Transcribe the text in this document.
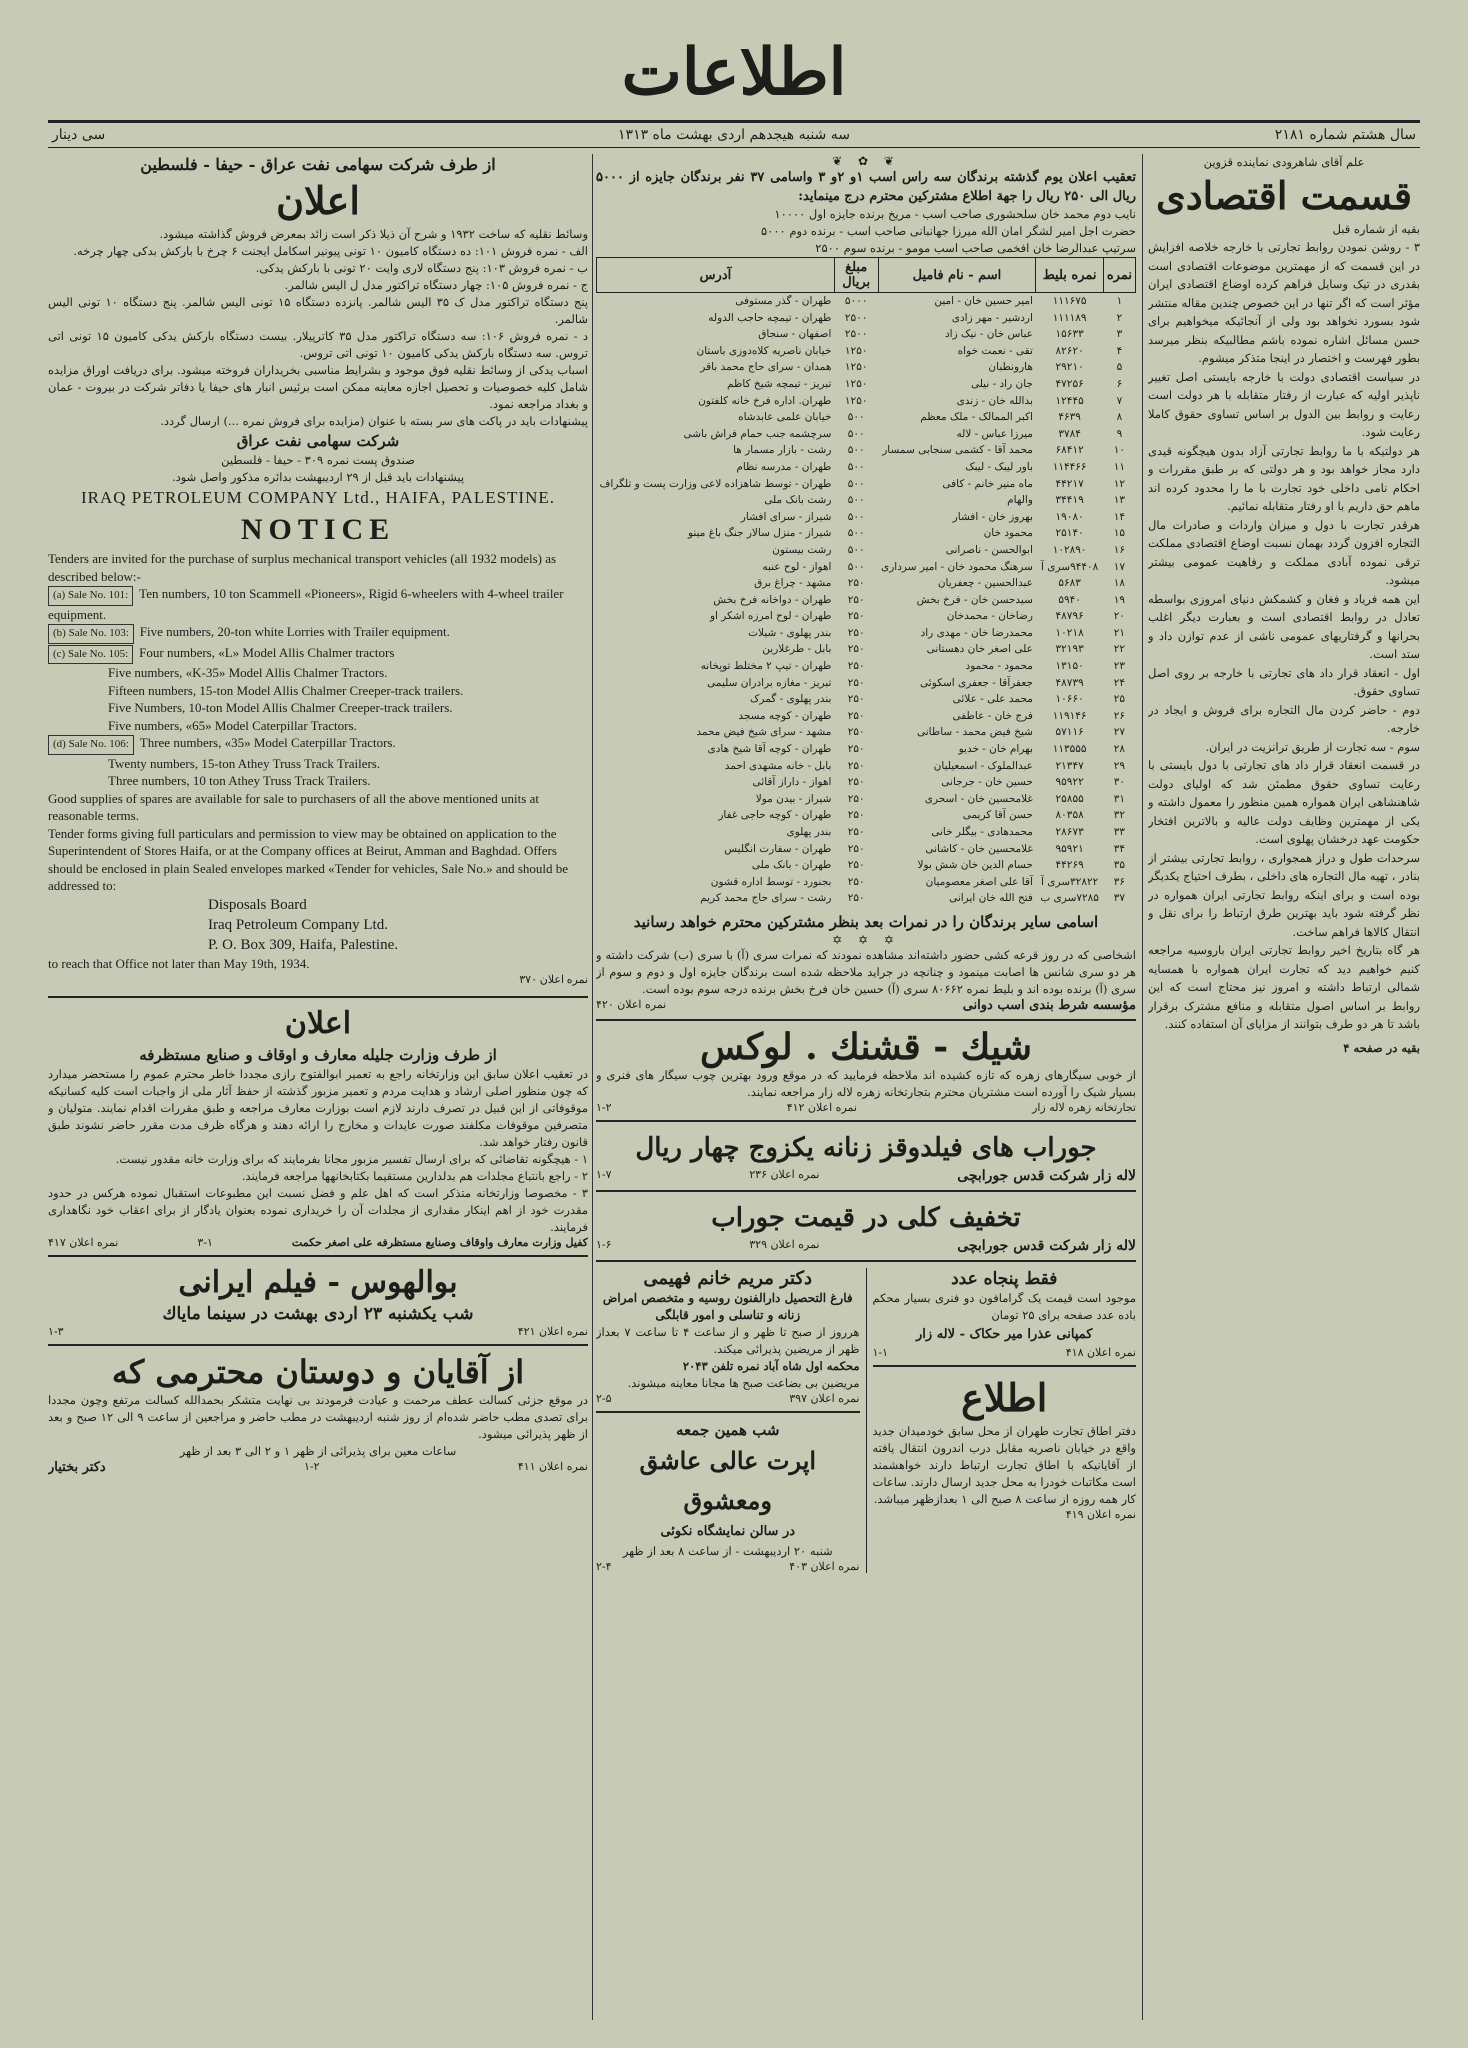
اطلاعات
سال هشتم شماره ۲۱۸۱
سه شنبه هیجدهم اردی بهشت ماه ۱۳۱۳
سی دینار
علم آقای شاهرودی نماینده قزوین
قسمت اقتصادی
بقیه از شماره قبل
۳ - روشن نمودن روابط تجارتی با خارجه خلاصه افزايش در این قسمت که از مهمترین موضوعات اقتصادی است بقدری در تیک وسایل فراهم کرده اوضاع اقتصادی ایران مؤثر است که اگر تنها در این خصوص چندین مقاله منتشر شود بسورد نخواهد بود ولی از آنجائیکه میخواهیم برای حسن مسائل اشاره نموده باشم مطالبیکه بنظر میرسد بطور فهرست و اختصار در اینجا متذکر میشوم.
در سیاست اقتصادی دولت با خارجه بایستی اصل تغییر ناپذیر اولیه که عبارت از رفتار متقابله با هر دولت است رعایت و روابط بین الدول بر اساس تساوی حقوق کاملا رعایت شود.
هر دولتیکه با ما روابط تجارتی آزاد بدون هیچگونه قیدی دارد مجاز خواهد بود و هر دولتی که بر طبق مقررات و احکام نامی داخلی خود تجارت با ما را محدود کرده اند ماهم حق داریم با او رفتار متقابله نمائیم.
هرقدر تجارت با دول و میزان واردات و صادرات مال التجاره افزون گردد بهمان نسبت اوضاع اقتصادی مملکت ترقی نموده آبادی مملکت و رفاهیت عمومی بیشتر میشود.
این همه فریاد و فغان و کشمکش دنیای امروزی بواسطه تعادل در روابط اقتصادی است و بعبارت دیگر اغلب بحرانها و گرفتاریهای عمومی ناشی از عدم توازن داد و ستد است.
اول - انعقاد قرار داد های تجارتی با خارجه بر روی اصل تساوی حقوق.
دوم - حاضر کردن مال التجاره برای فروش و ایجاد در خارجه.
سوم - سه تجارت از طریق ترانزیت در ایران.
در قسمت انعقاد قرار داد های تجارتی با دول بایستی با رعایت تساوی حقوق مطمئن شد که اولیای دولت شاهنشاهی ایران همواره همین منظور را معمول داشته و یکی از مهمترین وظایف دولت عالیه و بالاترین افتخار حکومت عهد درخشان پهلوی است.
سرحدات طول و دراز همجواری ، روابط تجارتی بیشتر از بنادر ، تهیه مال التجاره های داخلی ، بطرف احتیاج یکدیگر بوده است و برای اینکه روابط تجارتی ایران همواره در نظر گرفته شود باید بهترین طرق ارتباط را برای نقل و انتقال کالاها فراهم ساخت.
هر گاه بتاریخ اخیر روابط تجارتی ایران باروسیه مراجعه کنیم خواهیم دید که تجارت ایران همواره با همسایه شمالی ارتباط داشته و امروز نیز محتاج است که این روابط بر اساس اصول متقابله و منافع مشترک برقرار باشد تا هر دو طرف بتوانند از مزایای آن استفاده کنند.
بقیه در صفحه ۴
❦ ✿ ❦
تعقیب اعلان یوم گذشته برندگان سه راس اسب ۱و ۲و ۳ واسامی ۳۷ نفر برندگان جایزه از ۵۰۰۰ ریال الی ۲۵۰ ریال را جهة اطلاع مشترکین محترم درج مینماید:
نایب دوم محمد خان سلحشوری صاحب اسب - مریخ برنده جایزه اول ۱۰۰۰۰
حضرت اجل امیر لشگر امان الله میرزا جهانبانی صاحب اسب - برنده دوم ۵۰۰۰
سرتیپ عبدالرضا خان افخمی صاحب اسب مومو - برنده سوم ۲۵۰۰
نمره	نمره بلیط	اسم - نام فامیل	مبلغ بریال	آدرس
۱	۱۱۱۶۷۵	امیر حسین خان - امین	۵۰۰۰	طهران - گذر مستوفی
۲	۱۱۱۱۸۹	اردشیر - مهر زادی	۲۵۰۰	طهران - تیمچه حاجب الدوله
۳	۱۵۶۳۳	عباس خان - نیک زاد	۲۵۰۰	اصفهان - سنجاق
۴	۸۲۶۲۰	تقی - نعمت خواه	۱۲۵۰	خیابان ناصریه کلاه‌دوزی باستان
۵	۲۹۲۱۰	هارونطبان	۱۲۵۰	همدان - سرای حاج محمد باقر
۶	۴۷۲۵۶	جان راد - نیلی	۱۲۵۰	تبریز - تیمچه شیخ کاظم
۷	۱۲۴۴۵	بدالله خان - زندی	۱۲۵۰	طهران. اداره فرخ خانه کلفتون
۸	۴۶۳۹	اکبر الممالک - ملک معظم	۵۰۰	خیابان علمی عابدشاه
۹	۳۷۸۴	میرزا عباس - لاله	۵۰۰	سرچشمه جنب حمام فراش باشی
۱۰	۶۸۴۱۲	محمد آقا - کشمی سنجابی سمسار	۵۰۰	رشت - بازار مسمار ها
۱۱	۱۱۴۴۶۶	باور لیبک - لیبک	۵۰۰	طهران - مدرسه نظام
۱۲	۴۴۲۱۷	ماه منیر خانم - کافی	۵۰۰	طهران - توسط شاهزاده لاعی وزارت پست و تلگراف
۱۳	۳۴۴۱۹	والهام	۵۰۰	رشت بانک ملی
۱۴	۱۹۰۸۰	بهروز خان - افشار	۵۰۰	شیراز - سرای افشار
۱۵	۲۵۱۴۰	محمود خان	۵۰۰	شیراز - منزل سالار جنگ باغ مینو
۱۶	۱۰۲۸۹۰	ابوالحسن - ناصرانی	۵۰۰	رشت بیستون
۱۷	۹۴۴۰۸سری آ	سرهنگ محمود خان - امیر سرداری	۵۰۰	اهواز - لوح عنبه
۱۸	۵۶۸۳	عبدالحسین - چعفریان	۲۵۰	مشهد - چراغ برق
۱۹	۵۹۴۰	سیدحسن خان - فرخ بخش	۲۵۰	طهران - دواخانه فرخ بخش
۲۰	۴۸۷۹۶	رضاخان - محمدخان	۲۵۰	طهران - لوح امرزه اشکر او
۲۱	۱۰۲۱۸	محمدرضا خان - مهدی راد	۲۵۰	بندر پهلوی - شیلات
۲۲	۳۲۱۹۳	علی اصغر خان دهستانی	۲۵۰	بابل - طرغلارین
۲۳	۱۳۱۵۰	محمود - محمود	۲۵۰	طهران - تیپ ۲ مختلط توپخانه
۲۴	۴۸۷۳۹	جعفرآقا - جعفری اسکوئی	۲۵۰	تبریز - مغازه برادران سلیمی
۲۵	۱۰۶۶۰	محمد علی - علائی	۲۵۰	بندر پهلوی - گمرک
۲۶	۱۱۹۱۴۶	فرج خان - عاطفی	۲۵۰	طهران - کوچه مسجد
۲۷	۵۷۱۱۶	شیخ فیض محمد - ساطانی	۲۵۰	مشهد - سرای شیخ فیض محمد
۲۸	۱۱۳۵۵۵	بهرام خان - خدیو	۲۵۰	طهران - کوچه آقا شیخ هادی
۲۹	۲۱۳۴۷	عبدالملوک - اسمعیلیان	۲۵۰	بابل - خانه مشهدی احمد
۳۰	۹۵۹۲۲	حسین خان - جرجانی	۲۵۰	اهواز - داراز آقائی
۳۱	۲۵۸۵۵	غلامحسین خان - اسحری	۲۵۰	شیراز - بیدن مولا
۳۲	۸۰۳۵۸	حسن آقا کریمی	۲۵۰	طهران - کوچه حاجی غفار
۳۳	۲۸۶۷۳	محمدهادی - بیگلر خانی	۲۵۰	بندر پهلوی
۳۴	۹۵۹۲۱	غلامحسین خان - کاشانی	۲۵۰	طهران - سفارت انگلیس
۳۵	۴۴۲۶۹	حسام الدین خان شش بولا	۲۵۰	طهران - بانک ملی
۳۶	۳۲۸۲۲سری آ	آقا علی اصغر معصومیان	۲۵۰	بجنورد - توسط اداره قشون
۳۷	۷۲۸۵سری ب	فتح الله خان ایرانی	۲۵۰	رشت - سرای حاج محمد کریم
اسامی سایر برندگان را در نمرات بعد بنظر مشترکین محترم خواهد رسانید
✡ ✡ ✡
اشخاصی که در روز قرعه کشی حضور داشته‌اند مشاهده نمودند که نمرات سری (آ) با سری (ب) شرکت داشته و هر دو سری شانس ها اصابت مینمود و چنانچه در جراید ملاحظه شده است برندگان جایزه اول و دوم و سوم از سری (آ) برنده بوده اند و بلیط نمره ۸۰۶۶۲ سری (آ) حسین خان فرخ بخش برنده درجه سوم بوده است.
مؤسسه شرط بندی اسب دوانی
نمره اعلان ۴۲۰
شیك - قشنك . لوكس
از خوبی سیگارهای زهره که تازه کشیده اند ملاحظه فرمایید که در موقع ورود بهترین چوب سیگار های فنری و بسیار شیک را آورده است مشتریان محترم بتجارتخانه زهره لاله زار مراجعه نمایند.
تجارتخانه زهره لاله زار
نمره اعلان ۴۱۲
۱-۲
جوراب های فیلدوقز زنانه یکزوج چهار ریال
لاله زار شرکت قدس جورابچی
نمره اعلان ۲۳۶
۱-۷
تخفیف کلی در قیمت جوراب
لاله زار شرکت قدس جورابچی
نمره اعلان ۳۲۹
۱-۶
فقط پنجاه عدد
موجود است قیمت یک گرامافون دو فنری بسیار محکم باده عدد صفحه برای ۲۵ تومان
کمپانی عذرا میر حکاک - لاله زار
نمره اعلان ۴۱۸
۱-۱
اطلاع
دفتر اطاق تجارت طهران از محل سابق خودمیدان جدید واقع در خیابان ناصریه مقابل درب اندرون انتقال یافته از آقایانیکه با اطاق تجارت ارتباط دارند خواهشمند است مکاتبات خودرا به محل جدید ارسال دارند. ساعات کار همه روزه از ساعت ۸ صبح الی ۱ بعدازظهر میباشد.
نمره اعلان ۴۱۹
دکتر مریم خانم فهیمی
فارغ التحصیل دارالفنون روسیه و متخصص امراض زنانه و تناسلی و امور قابلگی
هرروز از صبح تا ظهر و از ساعت ۴ تا ساعت ۷ بعداز ظهر از مریضین پذیرائی میکند.
محکمه اول شاه آباد نمره تلفن ۲۰۴۳
مریضین بی بضاعت صبح ها مجانا معاینه میشوند.
نمره اعلان ۳۹۷
۲-۵
شب همین جمعه
اپرت عالی عاشق ومعشوق
در سالن نمایشگاه نکوئی
شنبه ۲۰ اردیبهشت - از ساعت ۸ بعد از ظهر
نمره اعلان ۴۰۳
۲-۴
از طرف شرکت سهامی نفت عراق - حیفا - فلسطین
اعلان
وسائط نقلیه که ساخت ۱۹۳۲ و شرح آن ذیلا ذکر است زائد بمعرض فروش گذاشته میشود.
الف - نمره فروش ۱۰۱: ده دستگاه کامیون ۱۰ تونی پیونیر اسکامل ایجنت ۶ چرخ با بارکش بدکی چهار چرخه.
ب - نمره فروش ۱۰۳: پنج دستگاه لاری وایت ۲۰ تونی با بارکش یدکی.
ج - نمره فروش ۱۰۵: چهار دستگاه تراکتور مدل ل الیس شالمر.
پنج دستگاه تراکتور مدل ک ۳۵ الیس شالمر. پانزده دستگاه ۱۵ تونی الیس شالمر. پنج دستگاه ۱۰ تونی الیس شالمر.
د - نمره فروش ۱۰۶: سه دستگاه تراکتور مدل ۳۵ کاترپیلار. بیست دستگاه بارکش یدکی کامیون ۱۵ تونی اتی تروس. سه دستگاه بارکش یدکی کامیون ۱۰ تونی اتی تروس.
اسباب یدکی از وسائط نقلیه فوق موجود و بشرایط مناسبی بخریداران فروخته میشود. برای دریافت اوراق مزایده شامل کلیه خصوصیات و تحصیل اجازه معاینه ممکن است برئیس انبار های حیفا یا دفاتر شرکت در بیروت - عمان و بغداد مراجعه نمود.
پیشنهادات باید در پاکت های سر بسته با عنوان (مزایده برای فروش نمره ...) ارسال گردد.
شرکت سهامی نفت عراق
صندوق پست نمره ۳۰۹ - حیفا - فلسطین
پیشنهادات باید قبل از ۲۹ اردیبهشت بدائره مذکور واصل شود.
IRAQ PETROLEUM COMPANY Ltd., HAIFA, PALESTINE.
NOTICE
Tenders are invited for the purchase of surplus mechanical transport vehicles (all 1932 models) as described below:-
(a) Sale No. 101: Ten numbers, 10 ton Scammell «Pioneers», Rigid 6-wheelers with 4-wheel trailer equipment.
(b) Sale No. 103: Five numbers, 20-ton white Lorries with Trailer equipment.
(c) Sale No. 105: Four numbers, «L» Model Allis Chalmer tractors
Five numbers, «K-35» Model Allis Chalmer Tractors.
Fifteen numbers, 15-ton Model Allis Chalmer Creeper-track trailers.
Five Numbers, 10-ton Model Allis Chalmer Creeper-track trailers.
Five numbers, «65» Model Caterpillar Tractors.
(d) Sale No. 106: Three numbers, «35» Model Caterpillar Tractors.
Twenty numbers, 15-ton Athey Truss Track Trailers.
Three numbers, 10 ton Athey Truss Track Trailers.
Good supplies of spares are available for sale to purchasers of all the above mentioned units at reasonable terms.
Tender forms giving full particulars and permission to view may be obtained on application to the Superintendent of Stores Haifa, or at the Company offices at Beirut, Amman and Baghdad. Offers should be enclosed in plain Sealed envelopes marked «Tender for vehicles, Sale No.» and should be addressed to:
Disposals Board
Iraq Petroleum Company Ltd.
P. O. Box 309, Haifa, Palestine.
to reach that Office not later than May 19th, 1934.
نمره اعلان ۳۷۰
اعلان
از طرف وزارت جلیله معارف و اوقاف و صنایع مستظرفه
در تعقیب اعلان سابق این وزارتخانه راجع به تعمیر ابوالفتوح رازی مجددا خاطر محترم عموم را مستحضر میدارد که چون منظور اصلی ارشاد و هدایت مردم و تعمیر مزبور گذشته از حفظ آثار ملی از واجبات است کلیه کسانیکه موقوفاتی از این قبیل در تصرف دارند لازم است بوزارت معارف مراجعه و طبق مقررات اقدام نمایند. متولیان و متصرفین موقوفات مکلفند صورت عایدات و مخارج را ارائه دهند و هرگاه ظرف مدت مقرر حاضر نشوند طبق قانون رفتار خواهد شد.
۱ - هیچگونه تقاضائی که برای ارسال تفسیر مزبور مجانا بفرمایند که برای وزارت خانه مقدور نیست.
۲ - راجع بانتباع مجلدات هم بدلدارین مستقیما بکتابخانهها مراجعه فرمایند.
۳ - مخصوصا وزارتخانه متذکر است که اهل علم و فضل نسبت این مطبوعات استقبال نموده هرکس در حدود مقدرت خود از اهم اینکار مقداری از مجلدات آن را خریداری نموده بعنوان یادگار از برای اعقاب خود نگاهداری فرمایند.
کفیل وزارت معارف واوقاف وصنایع مستظرفه علی اصغر حکمت
۳-۱
نمره اعلان ۴۱۷
بوالهوس - فیلم ایرانی
شب یکشنبه ۲۳ اردی بهشت در سینما مایاك
نمره اعلان ۴۲۱
۱-۳
از آقایان و دوستان محترمی که
در موقع جزئی کسالت عطف مرحمت و عیادت فرمودند بی نهایت متشکر بحمدالله کسالت مرتفع وچون مجددا برای تصدی مطب حاضر شده‌ام از روز شنبه اردیبهشت در مطب حاضر و مراجعین از ساعت ۹ الی ۱۲ صبح و بعد از ظهر پذیرائی میشود.
ساعات معین برای پذیرائی از ظهر ۱ و ۲ الی ۳ بعد از ظهر
نمره اعلان ۴۱۱
۱-۲
دکتر بختیار
